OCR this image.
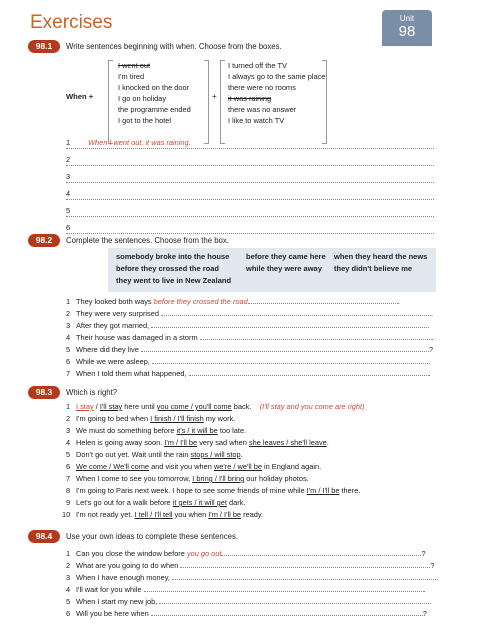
Exercises	Unit
98
98.1	Write sentences beginning with when. Choose from the boxes.
When +
I went out
I'm tired
I knocked on the door
I go on holiday
the programme ended
I got to the hotel
I turned off the TV
I always go to the same place
there were no rooms
it was raining
there was no answer
I like to watch TV
+
1	When I went out, it was raining.
2
3
4
5
6
98.2	Complete the sentences. Choose from the box.
somebody broke into the house before they came here when they heard the news
before they crossed the road	while they were away they didn't believe me
they went to live in New Zealand
1 They looked both ways before they crossed the road	.
2 They were very surprised	.
3 After they got married,	.
4 Their house was damaged in a storm	.
5 Where did they live	?
6 While we were asleep,	.
7 When I told them what happened,	.
98.3	Which is right?
1 I stay / I'll stay here until you come / you'll come back. (I'll stay and you come are right)
2 I'm going to bed when I finish / I'll finish my work.
3 We must do something before it's / it will be too late.
4 Helen is going away soon. I'm / I'll be very sad when she leaves / she'll leave.
5 Don't go out yet. Wait until the rain stops / will stop.
6 We come / We'll come and visit you when we're / we'll be in England again.
7 When I come to see you tomorrow, I bring / I'll bring our holiday photos.
8 I'm going to Paris next week. I hope to see some friends of mine while I'm / I'll be there.
9 Let's go out for a walk before it gets / it will get dark.
10 I'm not ready yet. I tell / I'll tell you when I'm / I'll be ready.
98.4	Use your own ideas to complete these sentences.
1 Can you close the window before you go out	?
2 What are you going to do when	?
3 When I have enough money,	.
4 I'll wait for you while	.
5 When I start my new job,	.
6 Will you be here when	?
